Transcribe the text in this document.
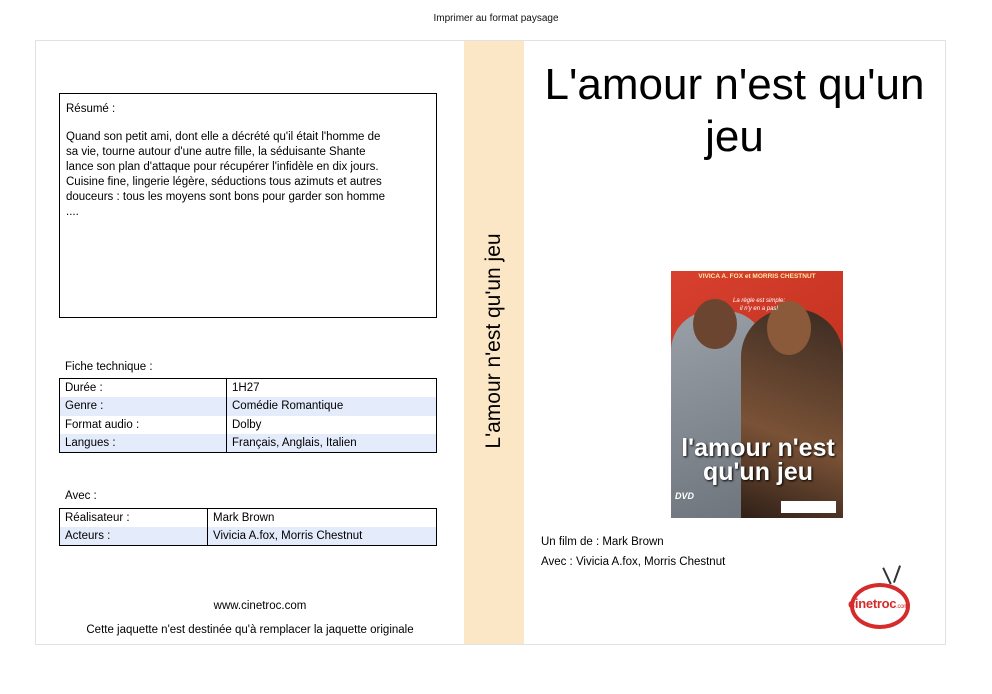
Imprimer au format paysage
Résumé :
Quand son petit ami, dont elle a décrété qu'il était l'homme de sa vie, tourne autour d'une autre fille, la séduisante Shante lance son plan d'attaque pour récupérer l'infidèle en dix jours. Cuisine fine, lingerie légère, séductions tous azimuts et autres douceurs : tous les moyens sont bons pour garder son homme ....
Fiche technique :
Durée :	1H27
Genre :	Comédie Romantique
Format audio :	Dolby
Langues :	Français, Anglais, Italien
Avec :
Réalisateur :	Mark Brown
Acteurs :	Vivicia A.fox, Morris Chestnut
www.cinetroc.com
Cette jaquette n'est destinée qu'à remplacer la jaquette originale
L'amour n'est qu'un jeu
L'amour n'est qu'un jeu
VIVICA A. FOX et MORRIS CHESTNUT
La règle est simple: il n'y en a pas!
l'amour n'est qu'un jeu
DVD
Un film de : Mark Brown
Avec : Vivicia A.fox, Morris Chestnut
cinetroc.com
